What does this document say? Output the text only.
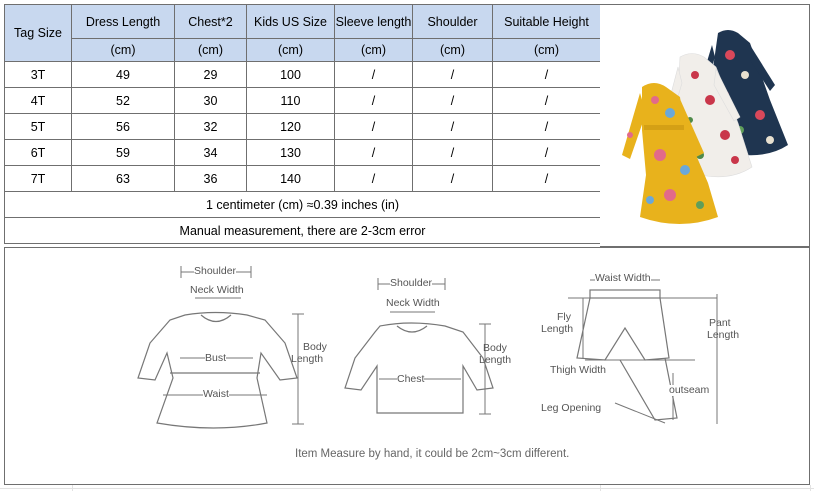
Tag Size	Dress Length	Chest*2	Kids US Size	Sleeve length	Shoulder	Suitable Height
	(cm)	(cm)	(cm)	(cm)	(cm)	(cm)
3T	49	29	100	/	/	/
4T	52	30	110	/	/	/
5T	56	32	120	/	/	/
6T	59	34	130	/	/	/
7T	63	36	140	/	/	/
1 centimeter (cm) ≈0.39 inches (in)						
Manual measurement, there are 2-3cm error						
Shoulder
Neck Width
Bust
Waist
Body
Length
Shoulder
Neck Width
Chest
Body
Length
Waist Width
Fly
Length	Pant
Length
Thigh Width
outseam
Leg Opening
Item Measure by hand, it could be 2cm~3cm different.
